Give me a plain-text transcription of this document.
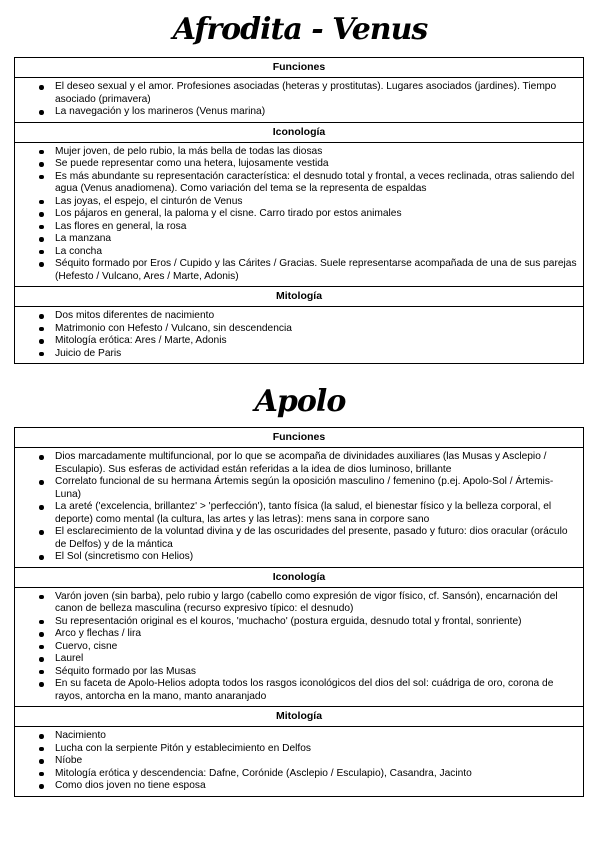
Afrodita - Venus
Funciones
El deseo sexual y el amor. Profesiones asociadas (heteras y prostitutas). Lugares asociados (jardines). Tiempo asociado (primavera)
La navegación y los marineros (Venus marina)
Iconología
Mujer joven, de pelo rubio, la más bella de todas las diosas
Se puede representar como una hetera, lujosamente vestida
Es más abundante su representación característica: el desnudo total y frontal, a veces reclinada, otras saliendo del agua (Venus anadiomena). Como variación del tema se la representa de espaldas
Las joyas, el espejo, el cinturón de Venus
Los pájaros en general, la paloma y el cisne. Carro tirado por estos animales
Las flores en general, la rosa
La manzana
La concha
Séquito formado por Eros / Cupido y las Cárites / Gracias. Suele representarse acompañada de una de sus parejas (Hefesto / Vulcano, Ares / Marte, Adonis)
Mitología
Dos mitos diferentes de nacimiento
Matrimonio con Hefesto / Vulcano, sin descendencia
Mitología erótica: Ares / Marte, Adonis
Juicio de Paris
Apolo
Funciones
Dios marcadamente multifuncional, por lo que se acompaña de divinidades auxiliares (las Musas y Asclepio / Esculapio). Sus esferas de actividad están referidas a la idea de dios luminoso, brillante
Correlato funcional de su hermana Ártemis según la oposición masculino / femenino (p.ej. Apolo-Sol / Ártemis-Luna)
La areté ('excelencia, brillantez' > 'perfección'), tanto física (la salud, el bienestar físico y la belleza corporal, el deporte) como mental (la cultura, las artes y las letras): mens sana in corpore sano
El esclarecimiento de la voluntad divina y de las oscuridades del presente, pasado y futuro: dios oracular (oráculo de Delfos) y de la mántica
El Sol (sincretismo con Helios)
Iconología
Varón joven (sin barba), pelo rubio y largo (cabello como expresión de vigor físico, cf. Sansón), encarnación del canon de belleza masculina (recurso expresivo típico: el desnudo)
Su representación original es el kouros, 'muchacho' (postura erguida, desnudo total y frontal, sonriente)
Arco y flechas / lira
Cuervo, cisne
Laurel
Séquito formado por las Musas
En su faceta de Apolo-Helios adopta todos los rasgos iconológicos del dios del sol: cuádriga de oro, corona de rayos, antorcha en la mano, manto anaranjado
Mitología
Nacimiento
Lucha con la serpiente Pitón y establecimiento en Delfos
Níobe
Mitología erótica y descendencia: Dafne, Corónide (Asclepio / Esculapio), Casandra, Jacinto
Como dios joven no tiene esposa
